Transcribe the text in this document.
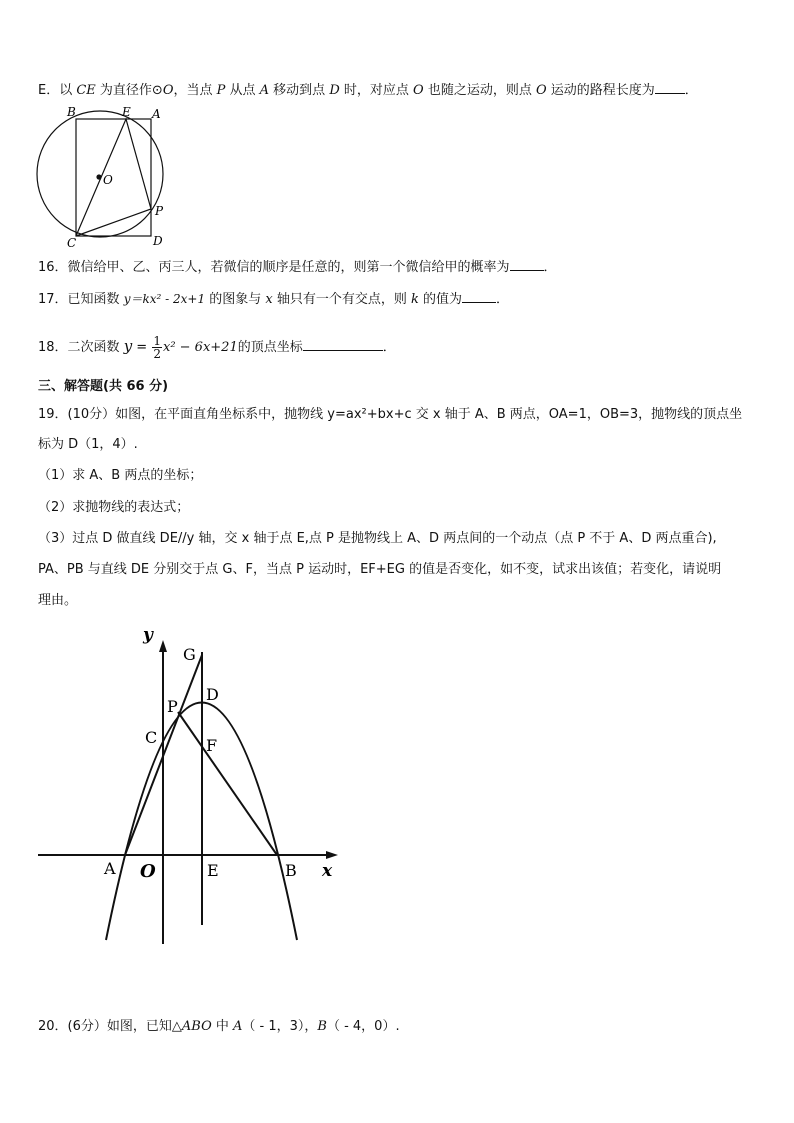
E．以 CE 为直径作⊙O，当点 P 从点 A 移动到点 D 时，对应点 O 也随之运动，则点 O 运动的路程长度为 ．
B	E A
O
P
C	D
16．微信给甲、乙、丙三人，若微信的顺序是任意的，则第一个微信给甲的概率为	．
17．已知函数 y＝kx² - 2x+1 的图象与 x 轴只有一个有交点，则 k 的值为	．
18．二次函数 $y = \frac{1}{2} x^2 - 6x+21$的顶点坐标	．
三、解答题(共 66 分)
19．(10分）如图，在平面直角坐标系中，抛物线 y=ax²+bx+c 交 x 轴于 A、B 两点，OA=1，OB=3，抛物线的顶点坐
标为 D（1，4）.
（1）求 A、B 两点的坐标；
（2）求抛物线的表达式；
（3）过点 D 做直线 DE//y 轴，交 x 轴于点 E,点 P 是抛物线上 A、D 两点间的一个动点（点 P 不于 A、D 两点重合),
PA、PB 与直线 DE 分别交于点 G、F，当点 P 运动时，EF+EG 的值是否变化，如不变，试求出该值；若变化，请说明
理由。
y
x
G
D
P
C	F
A O	E	B
20．(6分）如图，已知△ABO 中 A（ - 1，3），B（ - 4，0）.
